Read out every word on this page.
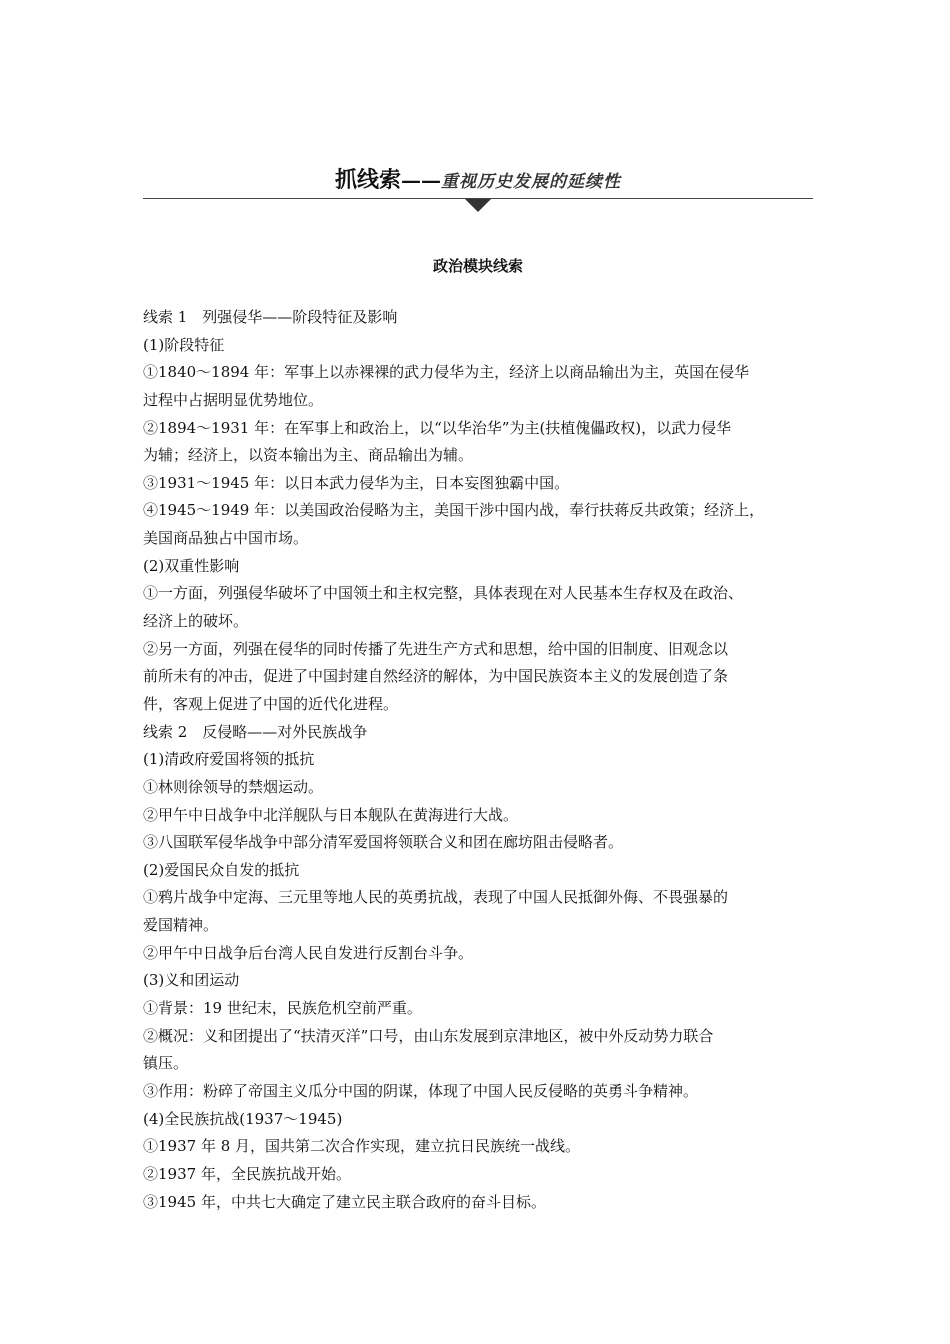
抓线索——重视历史发展的延续性
政治模块线索
线索 1　列强侵华——阶段特征及影响
(1)阶段特征
①1840～1894 年：军事上以赤裸裸的武力侵华为主，经济上以商品输出为主，英国在侵华
过程中占据明显优势地位。
②1894～1931 年：在军事上和政治上，以“以华治华”为主(扶植傀儡政权)，以武力侵华
为辅；经济上，以资本输出为主、商品输出为辅。
③1931～1945 年：以日本武力侵华为主，日本妄图独霸中国。
④1945～1949 年：以美国政治侵略为主，美国干涉中国内战，奉行扶蒋反共政策；经济上，
美国商品独占中国市场。
(2)双重性影响
①一方面，列强侵华破坏了中国领土和主权完整，具体表现在对人民基本生存权及在政治、
经济上的破坏。
②另一方面，列强在侵华的同时传播了先进生产方式和思想，给中国的旧制度、旧观念以
前所未有的冲击，促进了中国封建自然经济的解体，为中国民族资本主义的发展创造了条
件，客观上促进了中国的近代化进程。
线索 2　反侵略——对外民族战争
(1)清政府爱国将领的抵抗
①林则徐领导的禁烟运动。
②甲午中日战争中北洋舰队与日本舰队在黄海进行大战。
③八国联军侵华战争中部分清军爱国将领联合义和团在廊坊阻击侵略者。
(2)爱国民众自发的抵抗
①鸦片战争中定海、三元里等地人民的英勇抗战，表现了中国人民抵御外侮、不畏强暴的
爱国精神。
②甲午中日战争后台湾人民自发进行反割台斗争。
(3)义和团运动
①背景：19 世纪末，民族危机空前严重。
②概况：义和团提出了“扶清灭洋”口号，由山东发展到京津地区，被中外反动势力联合
镇压。
③作用：粉碎了帝国主义瓜分中国的阴谋，体现了中国人民反侵略的英勇斗争精神。
(4)全民族抗战(1937～1945)
①1937 年 8 月，国共第二次合作实现，建立抗日民族统一战线。
②1937 年，全民族抗战开始。
③1945 年，中共七大确定了建立民主联合政府的奋斗目标。
